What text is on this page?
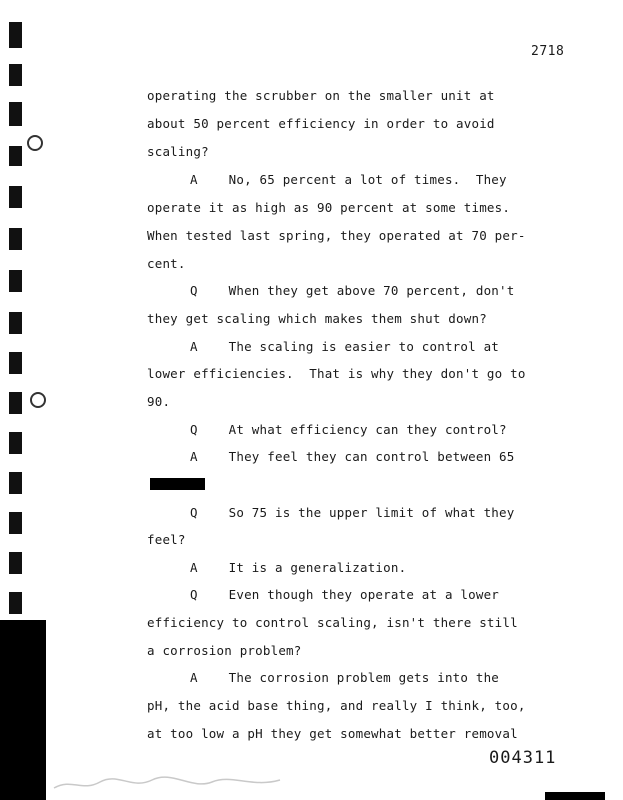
2718
operating the scrubber on the smaller unit at
about 50 percent efficiency in order to avoid
scaling?
A    No, 65 percent a lot of times.  They
operate it as high as 90 percent at some times.
When tested last spring, they operated at 70 per-
cent.
Q    When they get above 70 percent, don't
they get scaling which makes them shut down?
A    The scaling is easier to control at
lower efficiencies.  That is why they don't go to
90.
Q    At what efficiency can they control?
A    They feel they can control between 65
Q    So 75 is the upper limit of what they
feel?
A    It is a generalization.
Q    Even though they operate at a lower
efficiency to control scaling, isn't there still
a corrosion problem?
A    The corrosion problem gets into the
pH, the acid base thing, and really I think, too,
at too low a pH they get somewhat better removal
004311
